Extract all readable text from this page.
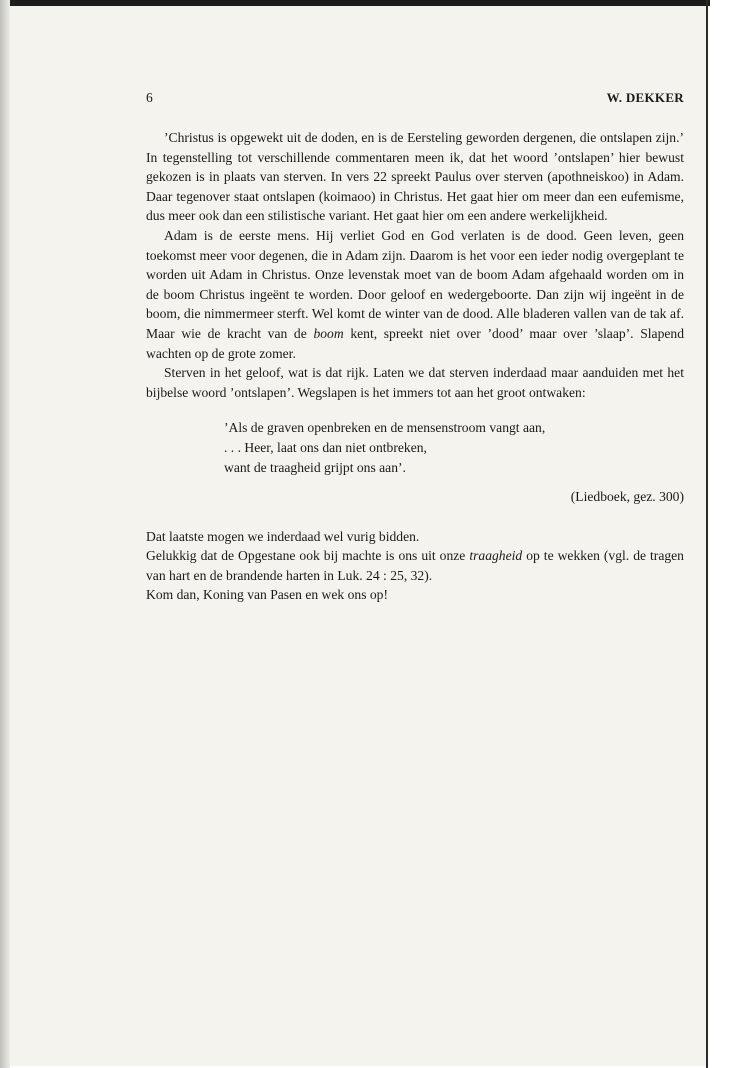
6	W. DEKKER

’Christus is opgewekt uit de doden, en is de Eersteling geworden dergenen, die ontslapen zijn.’ In tegenstelling tot verschillende commentaren meen ik, dat het woord ’ontslapen’ hier bewust gekozen is in plaats van sterven. In vers 22 spreekt Paulus over sterven (apothneiskoo) in Adam. Daar tegenover staat ontslapen (koimaoo) in Christus. Het gaat hier om meer dan een eufemisme, dus meer ook dan een stilistische variant. Het gaat hier om een andere werkelijkheid.

Adam is de eerste mens. Hij verliet God en God verlaten is de dood. Geen leven, geen toekomst meer voor degenen, die in Adam zijn. Daarom is het voor een ieder nodig overgeplant te worden uit Adam in Christus. Onze levenstak moet van de boom Adam afgehaald worden om in de boom Christus ingeënt te worden. Door geloof en wedergeboorte. Dan zijn wij ingeënt in de boom, die nimmermeer sterft. Wel komt de winter van de dood. Alle bladeren vallen van de tak af. Maar wie de kracht van de boom kent, spreekt niet over ’dood’ maar over ’slaap’. Slapend wachten op de grote zomer.

Sterven in het geloof, wat is dat rijk. Laten we dat sterven inderdaad maar aanduiden met het bijbelse woord ’ontslapen’. Wegslapen is het immers tot aan het groot ontwaken:

’Als de graven openbreken en de mensenstroom vangt aan,
. . . Heer, laat ons dan niet ontbreken,
want de traagheid grijpt ons aan’.

(Liedboek, gez. 300)

Dat laatste mogen we inderdaad wel vurig bidden.

Gelukkig dat de Opgestane ook bij machte is ons uit onze traagheid op te wekken (vgl. de tragen van hart en de brandende harten in Luk. 24 : 25, 32).

Kom dan, Koning van Pasen en wek ons op!
